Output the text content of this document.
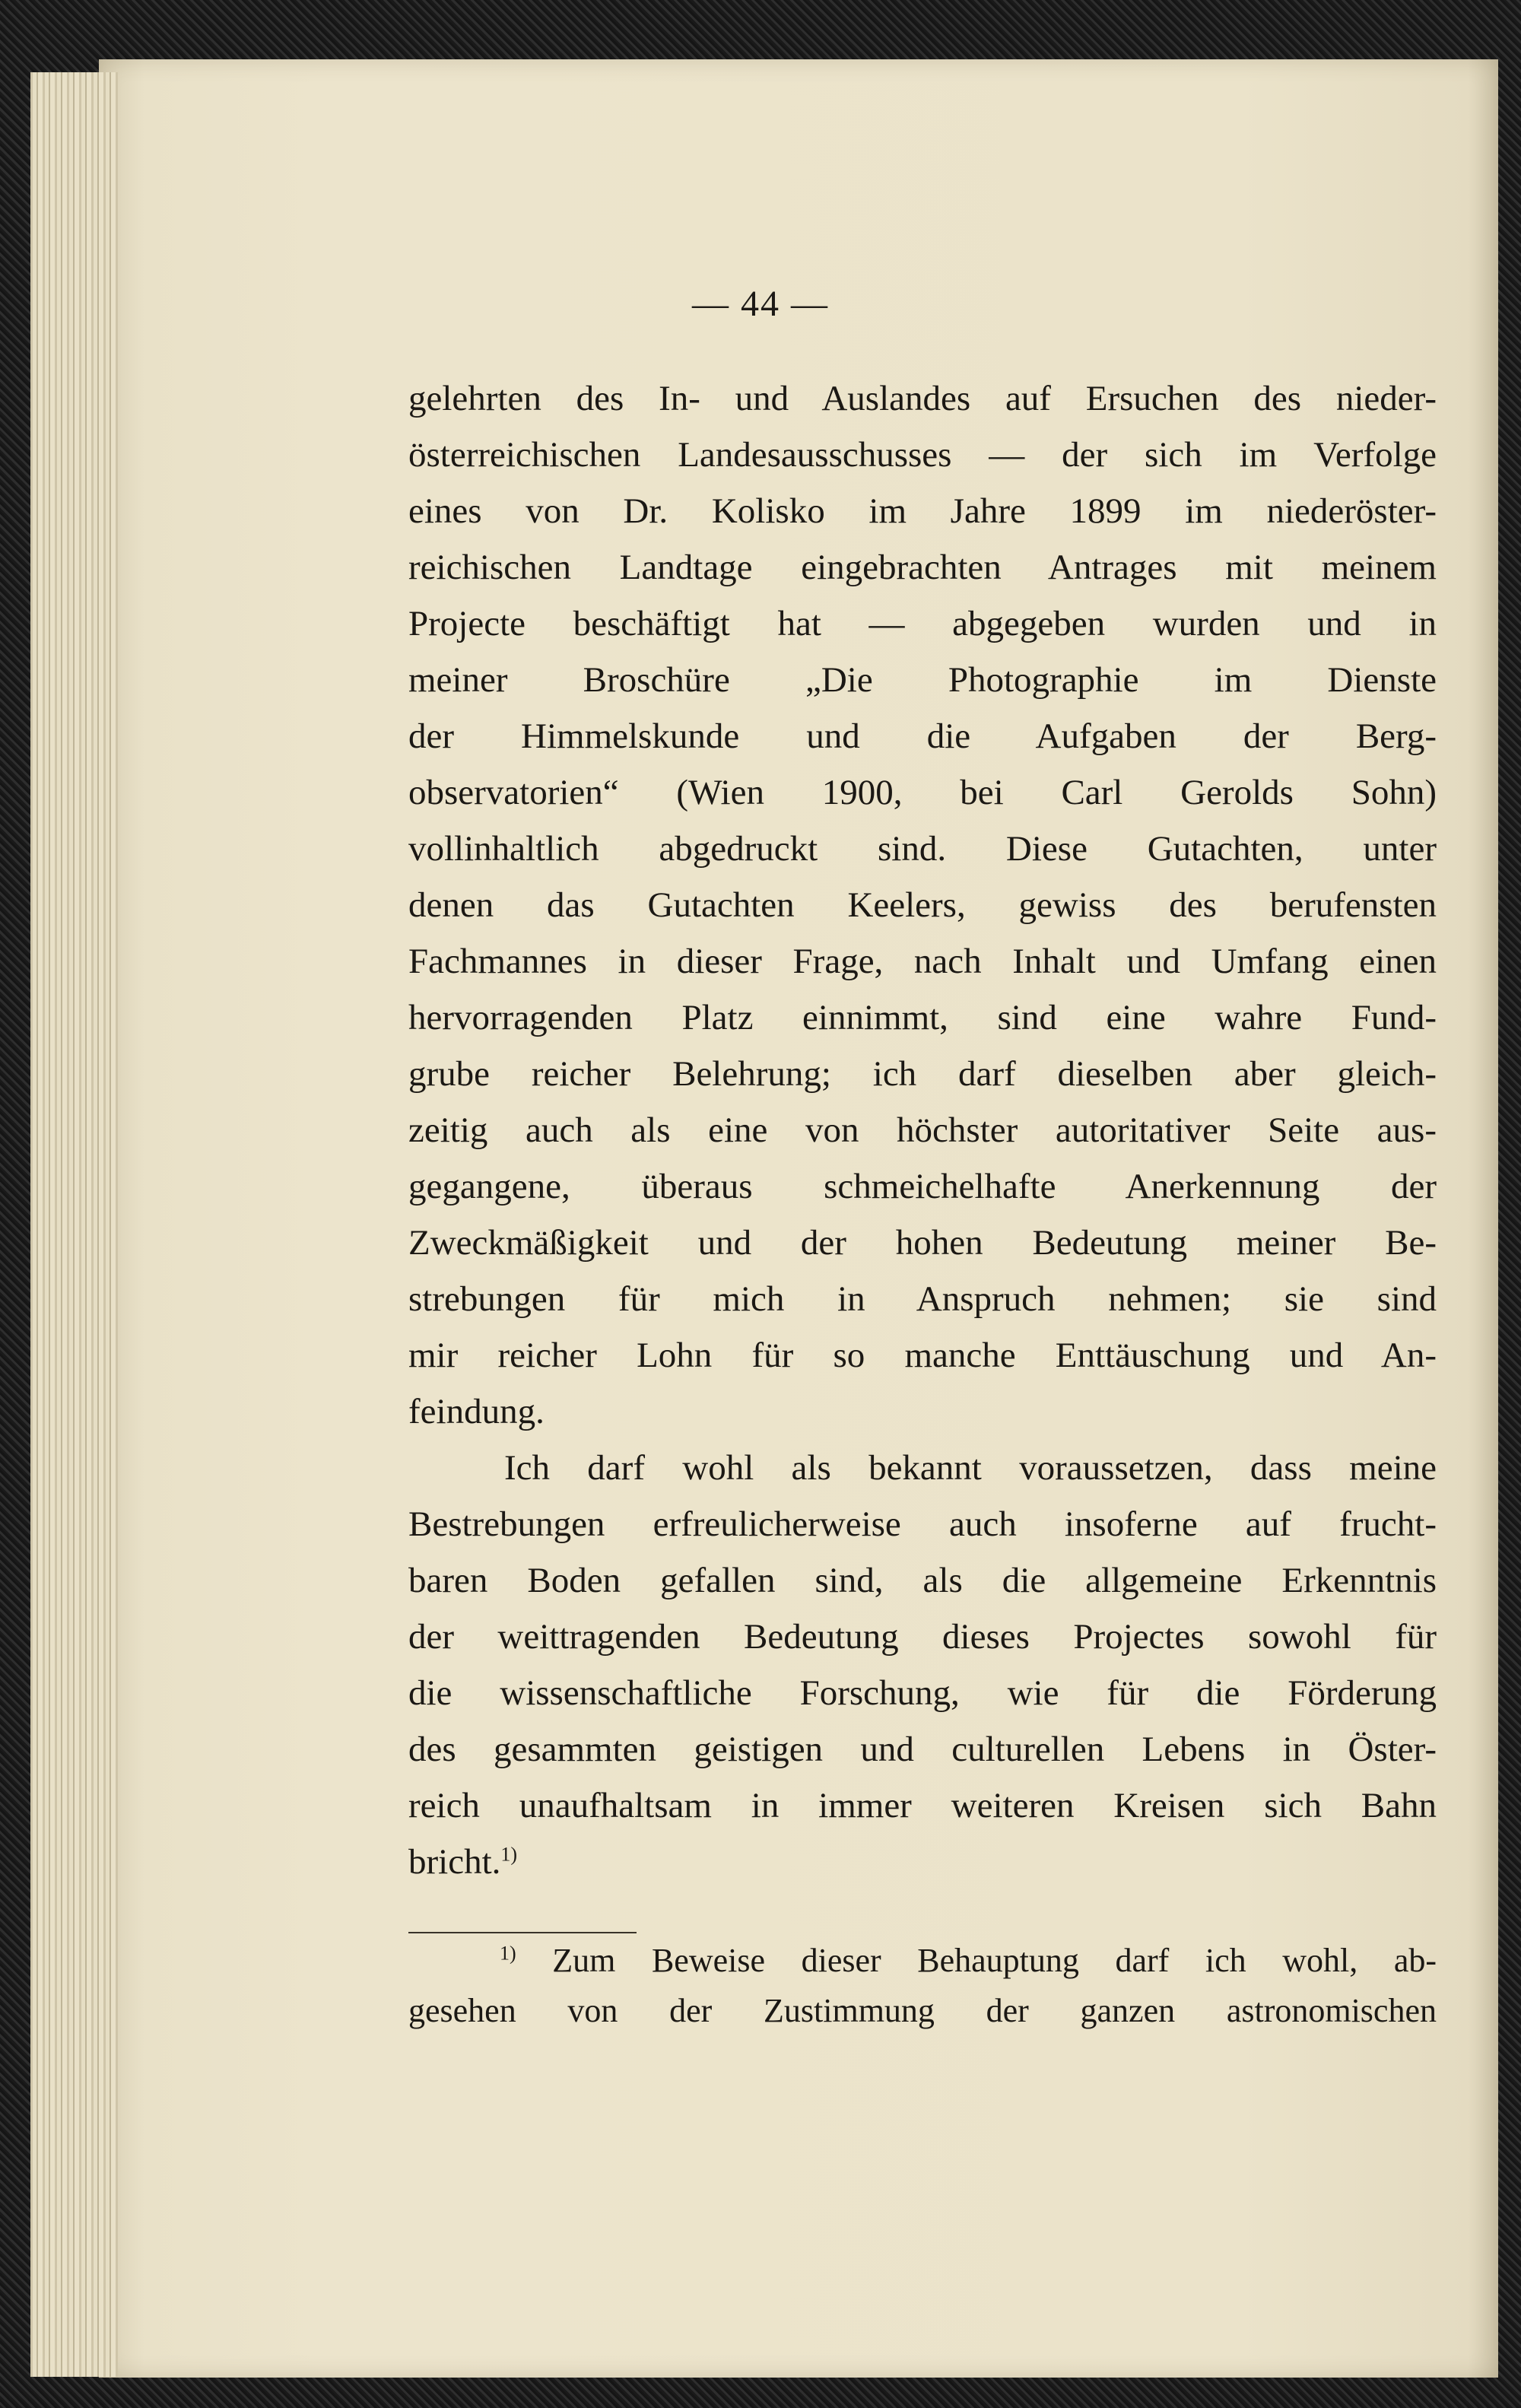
— 44 —
gelehrten des In- und Auslandes auf Ersuchen des nieder-
österreichischen Landesausschusses — der sich im Verfolge
eines von Dr. Kolisko im Jahre 1899 im niederöster-
reichischen Landtage eingebrachten Antrages mit meinem
Projecte beschäftigt hat — abgegeben wurden und in
meiner Broschüre „Die Photographie im Dienste
der Himmelskunde und die Aufgaben der Berg-
observatorien“ (Wien 1900, bei Carl Gerolds Sohn)
vollinhaltlich abgedruckt sind. Diese Gutachten, unter
denen das Gutachten Keelers, gewiss des berufensten
Fachmannes in dieser Frage, nach Inhalt und Umfang einen
hervorragenden Platz einnimmt, sind eine wahre Fund-
grube reicher Belehrung; ich darf dieselben aber gleich-
zeitig auch als eine von höchster autoritativer Seite aus-
gegangene, überaus schmeichelhafte Anerkennung der
Zweckmäßigkeit und der hohen Bedeutung meiner Be-
strebungen für mich in Anspruch nehmen; sie sind
mir reicher Lohn für so manche Enttäuschung und An-
feindung.
Ich darf wohl als bekannt voraussetzen, dass meine
Bestrebungen erfreulicherweise auch insoferne auf frucht-
baren Boden gefallen sind, als die allgemeine Erkenntnis
der weittragenden Bedeutung dieses Projectes sowohl für
die wissenschaftliche Forschung, wie für die Förderung
des gesammten geistigen und culturellen Lebens in Öster-
reich unaufhaltsam in immer weiteren Kreisen sich Bahn
bricht.$^{1)}$
$^{1)}$ Zum Beweise dieser Behauptung darf ich wohl, ab-
gesehen von der Zustimmung der ganzen astronomischen
